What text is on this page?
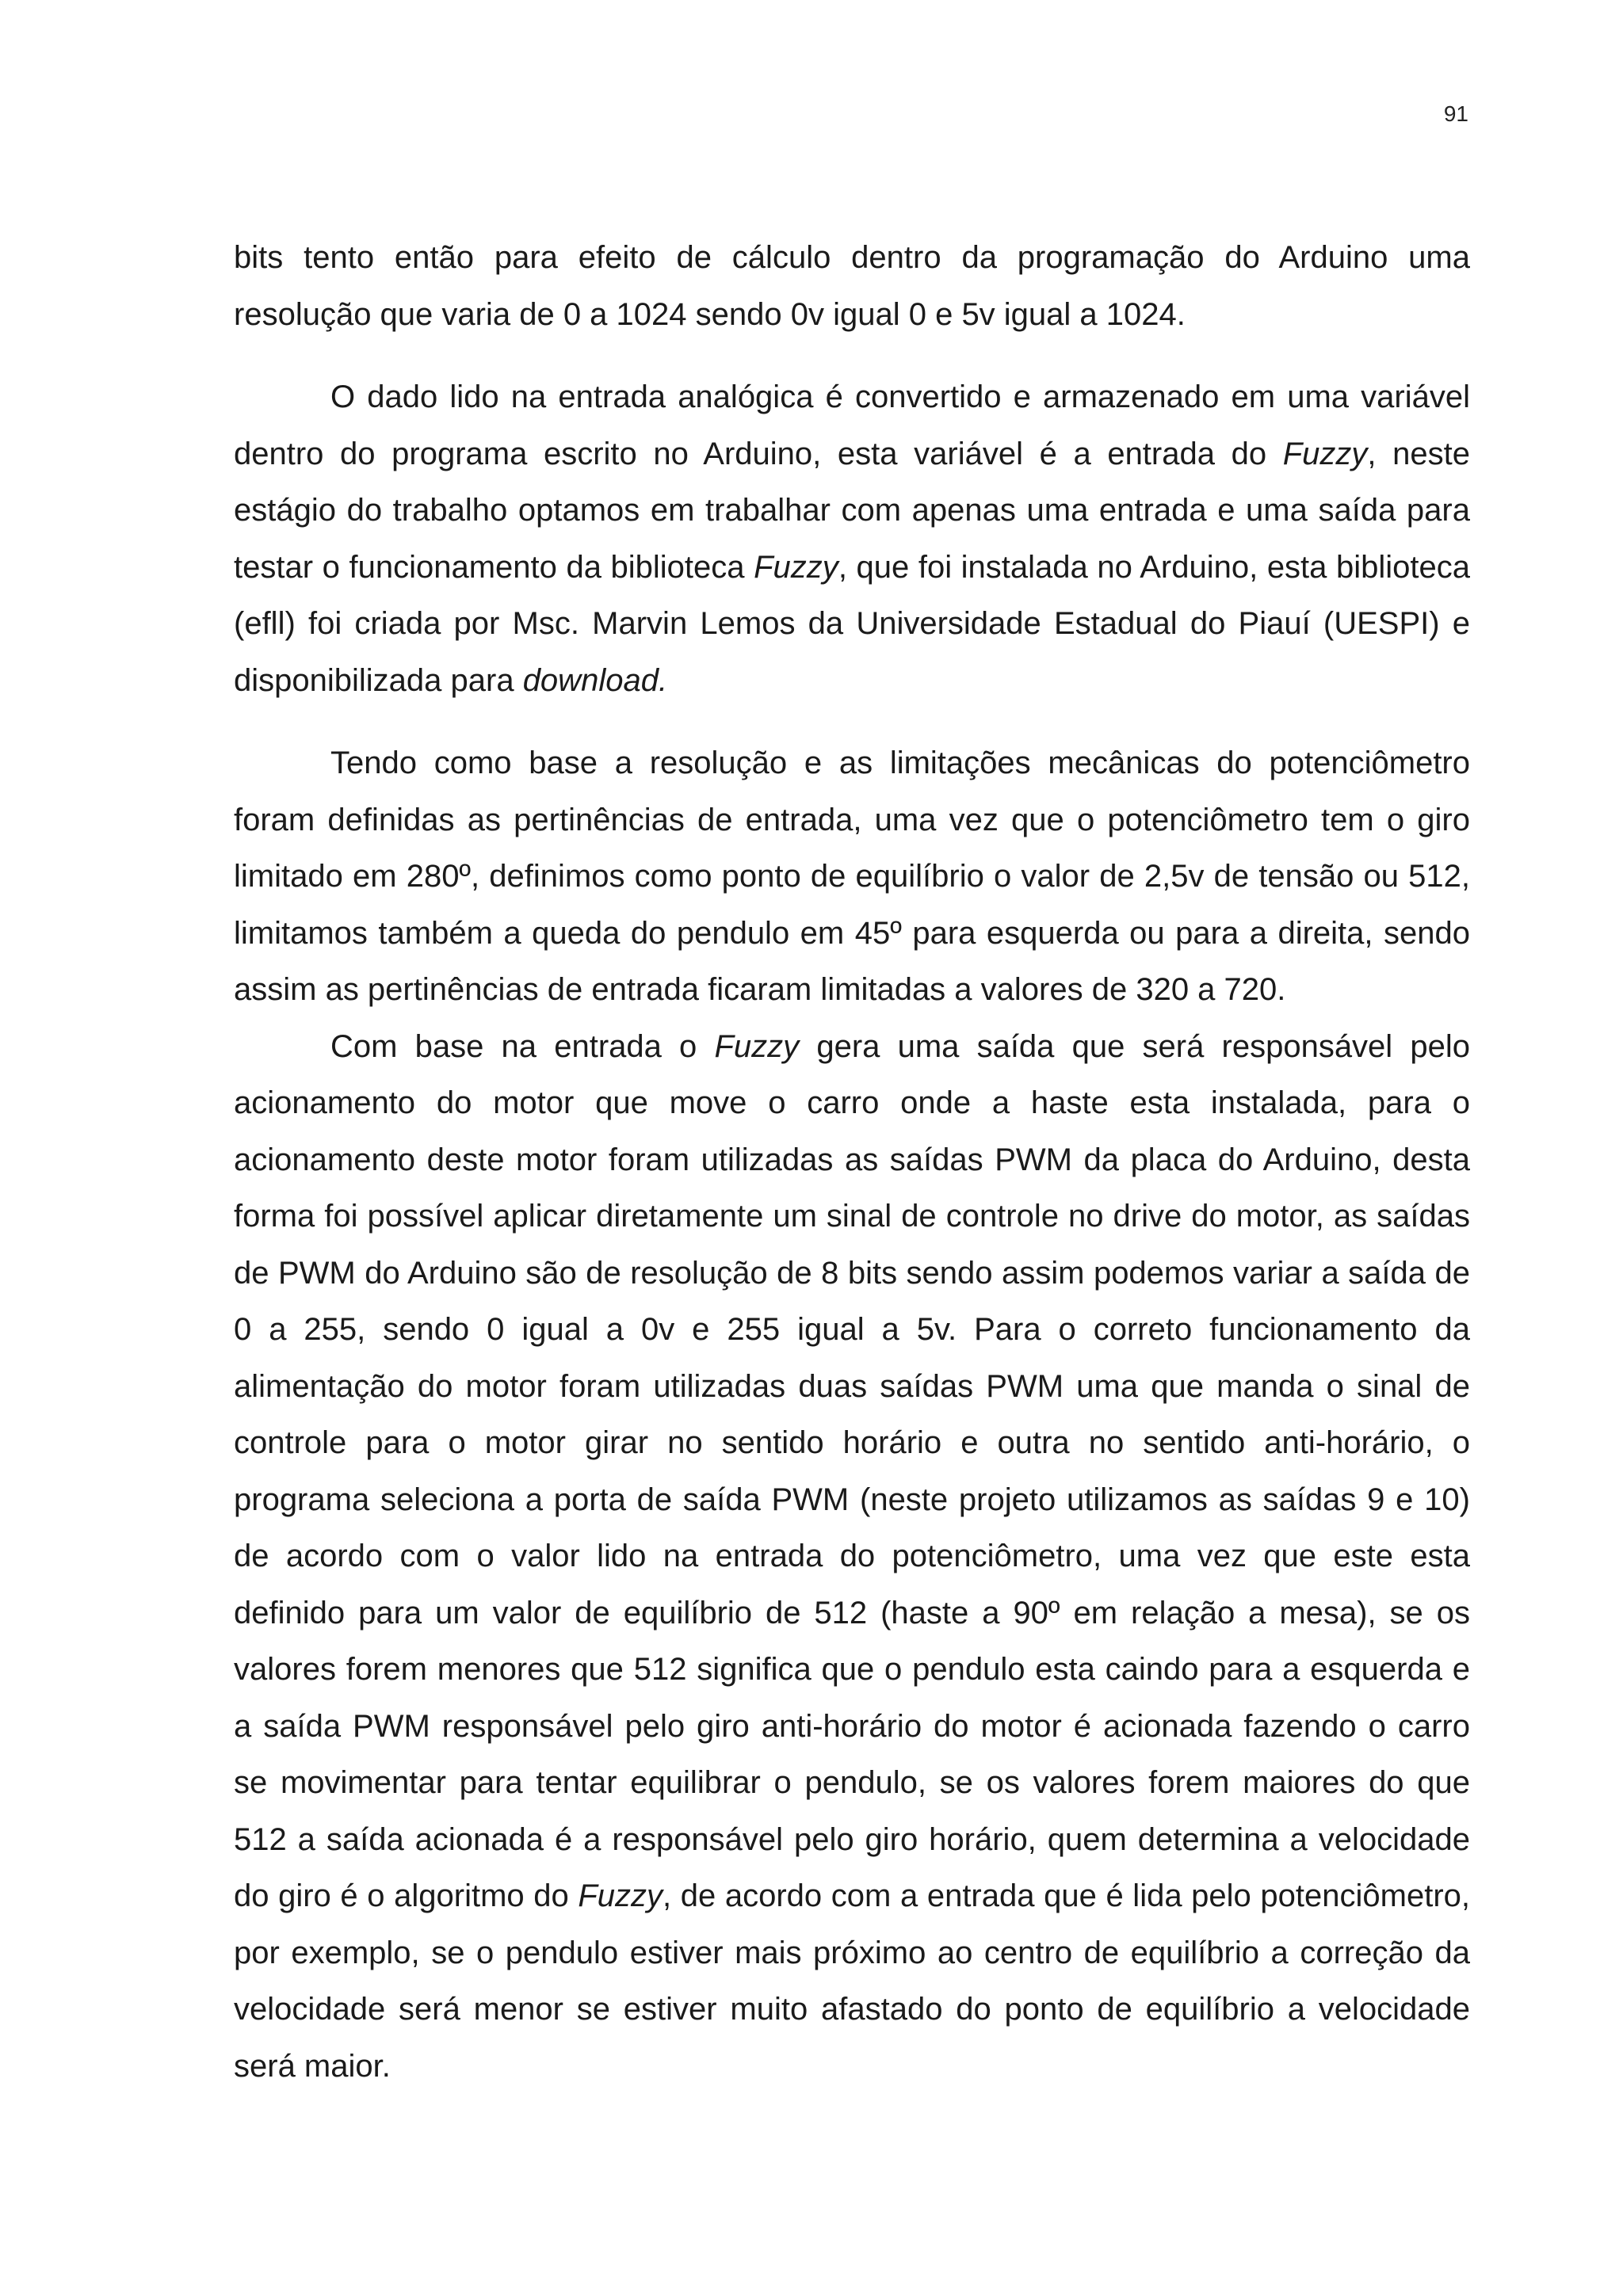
91

bits tento então para efeito de cálculo dentro da programação do Arduino uma resolução que varia de 0 a 1024 sendo 0v igual 0 e 5v igual a 1024.

O dado lido na entrada analógica é convertido e armazenado em uma variável dentro do programa escrito no Arduino, esta variável é a entrada do Fuzzy, neste estágio do trabalho optamos em trabalhar com apenas uma entrada e uma saída para testar o funcionamento da biblioteca Fuzzy, que foi instalada no Arduino, esta biblioteca (efll) foi criada por Msc. Marvin Lemos da Universidade Estadual do Piauí (UESPI) e disponibilizada para download.

Tendo como base a resolução e as limitações mecânicas do potenciômetro foram definidas as pertinências de entrada, uma vez que o potenciômetro tem o giro limitado em 280º, definimos como ponto de equilíbrio o valor de 2,5v de tensão ou 512, limitamos também a queda do pendulo em 45º para esquerda ou para a direita, sendo assim as pertinências de entrada ficaram limitadas a valores de 320 a 720.

Com base na entrada o Fuzzy gera uma saída que será responsável pelo acionamento do motor que move o carro onde a haste esta instalada, para o acionamento deste motor foram utilizadas as saídas PWM da placa do Arduino, desta forma foi possível aplicar diretamente um sinal de controle no drive do motor, as saídas de PWM do Arduino são de resolução de 8 bits sendo assim podemos variar a saída de 0 a 255, sendo 0 igual a 0v e 255 igual a 5v. Para o correto funcionamento da alimentação do motor foram utilizadas duas saídas PWM uma que manda o sinal de controle para o motor girar no sentido horário e outra no sentido anti-horário, o programa seleciona a porta de saída PWM (neste projeto utilizamos as saídas 9 e 10) de acordo com o valor lido na entrada do potenciômetro, uma vez que este esta definido para um valor de equilíbrio de 512 (haste a 90º em relação a mesa), se os valores forem menores que 512 significa que o pendulo esta caindo para a esquerda e a saída PWM responsável pelo giro anti-horário do motor é acionada fazendo o carro se movimentar para tentar equilibrar o pendulo, se os valores forem maiores do que 512 a saída acionada é a responsável pelo giro horário, quem determina a velocidade do giro é o algoritmo do Fuzzy, de acordo com a entrada que é lida pelo potenciômetro, por exemplo, se o pendulo estiver mais próximo ao centro de equilíbrio a correção da velocidade será menor se estiver muito afastado do ponto de equilíbrio a velocidade será maior.
